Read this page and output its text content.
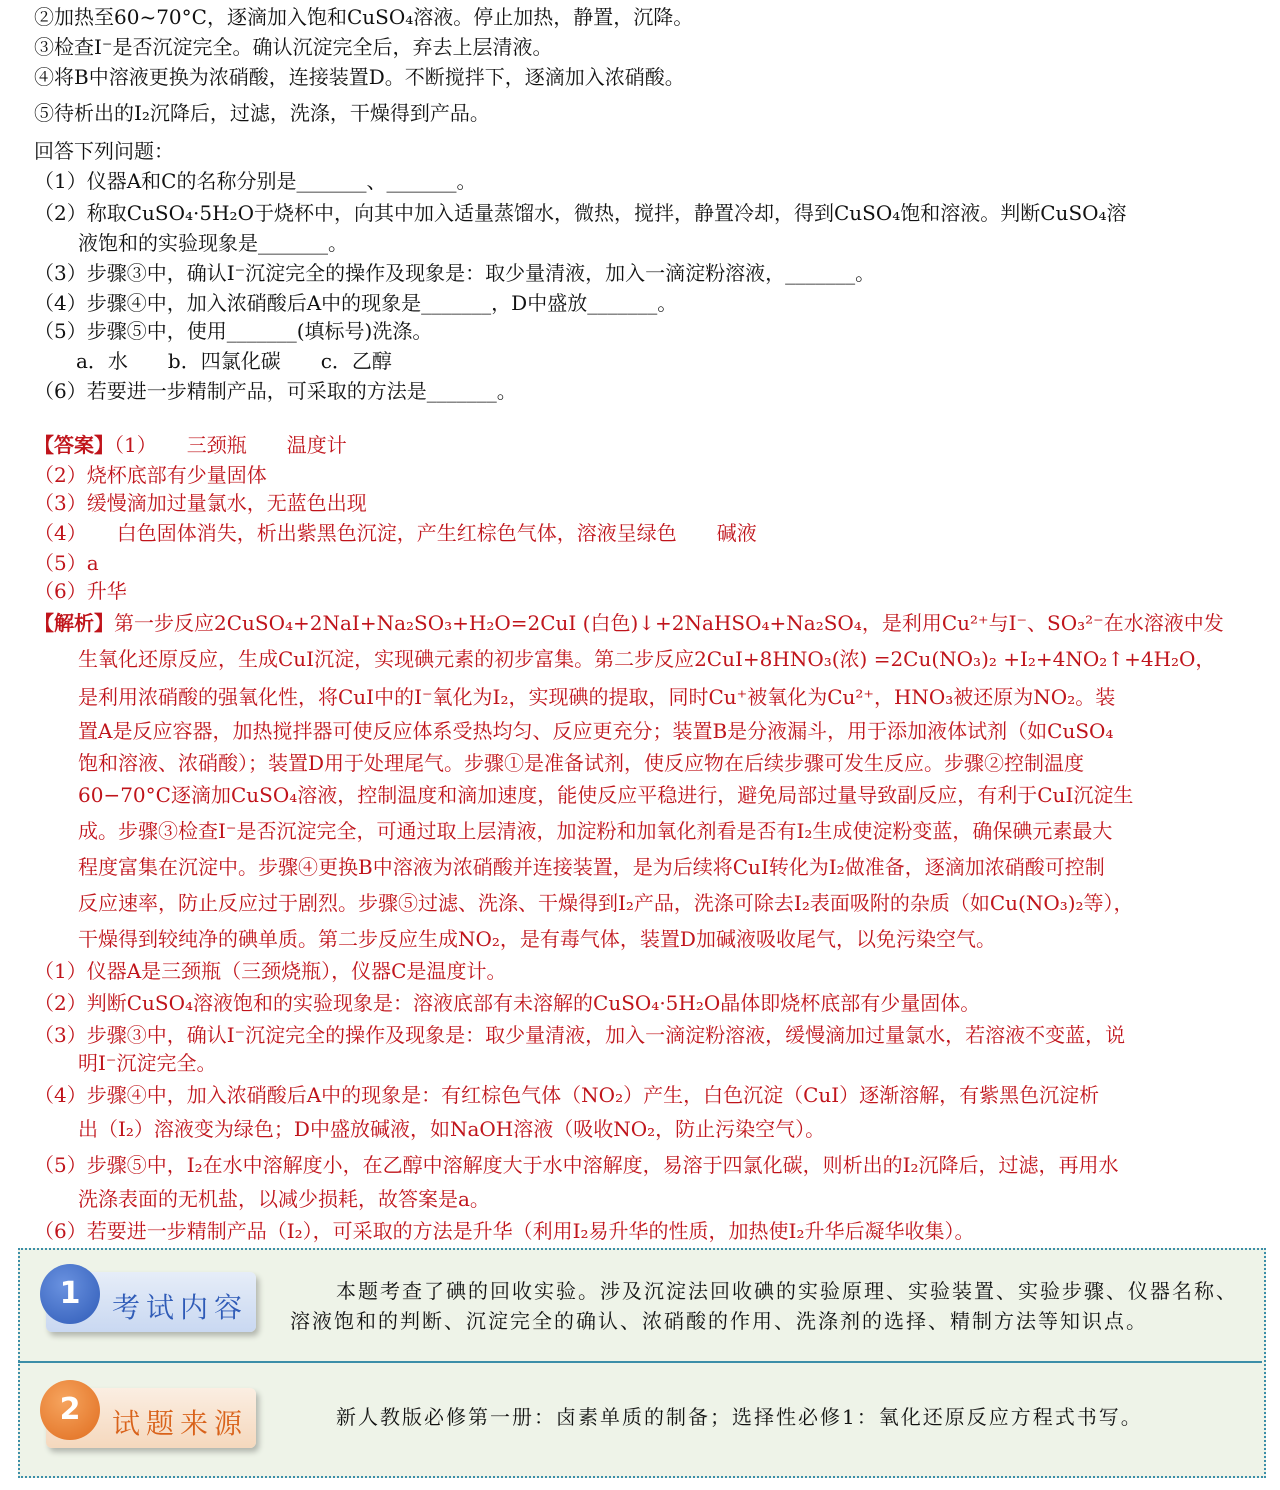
②加热至60~70°C，逐滴加入饱和CuSO₄溶液。停止加热，静置，沉降。
③检查I⁻是否沉淀完全。确认沉淀完全后，弃去上层清液。
④将B中溶液更换为浓硝酸，连接装置D。不断搅拌下，逐滴加入浓硝酸。
⑤待析出的I₂沉降后，过滤，洗涤，干燥得到产品。
回答下列问题：
（1）仪器A和C的名称分别是_______、_______。
（2）称取CuSO₄·5H₂O于烧杯中，向其中加入适量蒸馏水，微热，搅拌，静置冷却，得到CuSO₄饱和溶液。判断CuSO₄溶
液饱和的实验现象是_______。
（3）步骤③中，确认I⁻沉淀完全的操作及现象是：取少量清液，加入一滴淀粉溶液，_______。
（4）步骤④中，加入浓硝酸后A中的现象是_______，D中盛放_______。
（5）步骤⑤中，使用_______(填标号)洗涤。
a．水　　b．四氯化碳　　c．乙醇
（6）若要进一步精制产品，可采取的方法是_______。
【答案】（1）　　三颈瓶　　温度计
（2）烧杯底部有少量固体
（3）缓慢滴加过量氯水，无蓝色出现
（4）　　白色固体消失，析出紫黑色沉淀，产生红棕色气体，溶液呈绿色　　碱液
（5）a
（6）升华
【解析】第一步反应2CuSO₄+2NaI+Na₂SO₃+H₂O=2CuI (白色)↓+2NaHSO₄+Na₂SO₄，是利用Cu²⁺与I⁻、SO₃²⁻在水溶液中发
生氧化还原反应，生成CuI沉淀，实现碘元素的初步富集。第二步反应2CuI+8HNO₃(浓) =2Cu(NO₃)₂ +I₂+4NO₂↑+4H₂O，
是利用浓硝酸的强氧化性，将CuI中的I⁻氧化为I₂，实现碘的提取，同时Cu⁺被氧化为Cu²⁺，HNO₃被还原为NO₂。装
置A是反应容器，加热搅拌器可使反应体系受热均匀、反应更充分；装置B是分液漏斗，用于添加液体试剂（如CuSO₄
饱和溶液、浓硝酸）；装置D用于处理尾气。步骤①是准备试剂，使反应物在后续步骤可发生反应。步骤②控制温度
60−70°C逐滴加CuSO₄溶液，控制温度和滴加速度，能使反应平稳进行，避免局部过量导致副反应，有利于CuI沉淀生
成。步骤③检查I⁻是否沉淀完全，可通过取上层清液，加淀粉和加氧化剂看是否有I₂生成使淀粉变蓝，确保碘元素最大
程度富集在沉淀中。步骤④更换B中溶液为浓硝酸并连接装置，是为后续将CuI转化为I₂做准备，逐滴加浓硝酸可控制
反应速率，防止反应过于剧烈。步骤⑤过滤、洗涤、干燥得到I₂产品，洗涤可除去I₂表面吸附的杂质（如Cu(NO₃)₂等），
干燥得到较纯净的碘单质。第二步反应生成NO₂，是有毒气体，装置D加碱液吸收尾气，以免污染空气。
（1）仪器A是三颈瓶（三颈烧瓶），仪器C是温度计。
（2）判断CuSO₄溶液饱和的实验现象是：溶液底部有未溶解的CuSO₄·5H₂O晶体即烧杯底部有少量固体。
（3）步骤③中，确认I⁻沉淀完全的操作及现象是：取少量清液，加入一滴淀粉溶液，缓慢滴加过量氯水，若溶液不变蓝，说
明I⁻沉淀完全。
（4）步骤④中，加入浓硝酸后A中的现象是：有红棕色气体（NO₂）产生，白色沉淀（CuI）逐渐溶解，有紫黑色沉淀析
出（I₂）溶液变为绿色；D中盛放碱液，如NaOH溶液（吸收NO₂，防止污染空气）。
（5）步骤⑤中，I₂在水中溶解度小，在乙醇中溶解度大于水中溶解度，易溶于四氯化碳，则析出的I₂沉降后，过滤，再用水
洗涤表面的无机盐，以减少损耗，故答案是a。
（6）若要进一步精制产品（I₂），可采取的方法是升华（利用I₂易升华的性质，加热使I₂升华后凝华收集）。
1	考试内容	本题考查了碘的回收实验。涉及沉淀法回收碘的实验原理、实验装置、实验步骤、仪器名称、溶液饱和的判断、沉淀完全的确认、浓硝酸的作用、洗涤剂的选择、精制方法等知识点。
2	试题来源	新人教版必修第一册：卤素单质的制备；选择性必修1：氧化还原反应方程式书写。
